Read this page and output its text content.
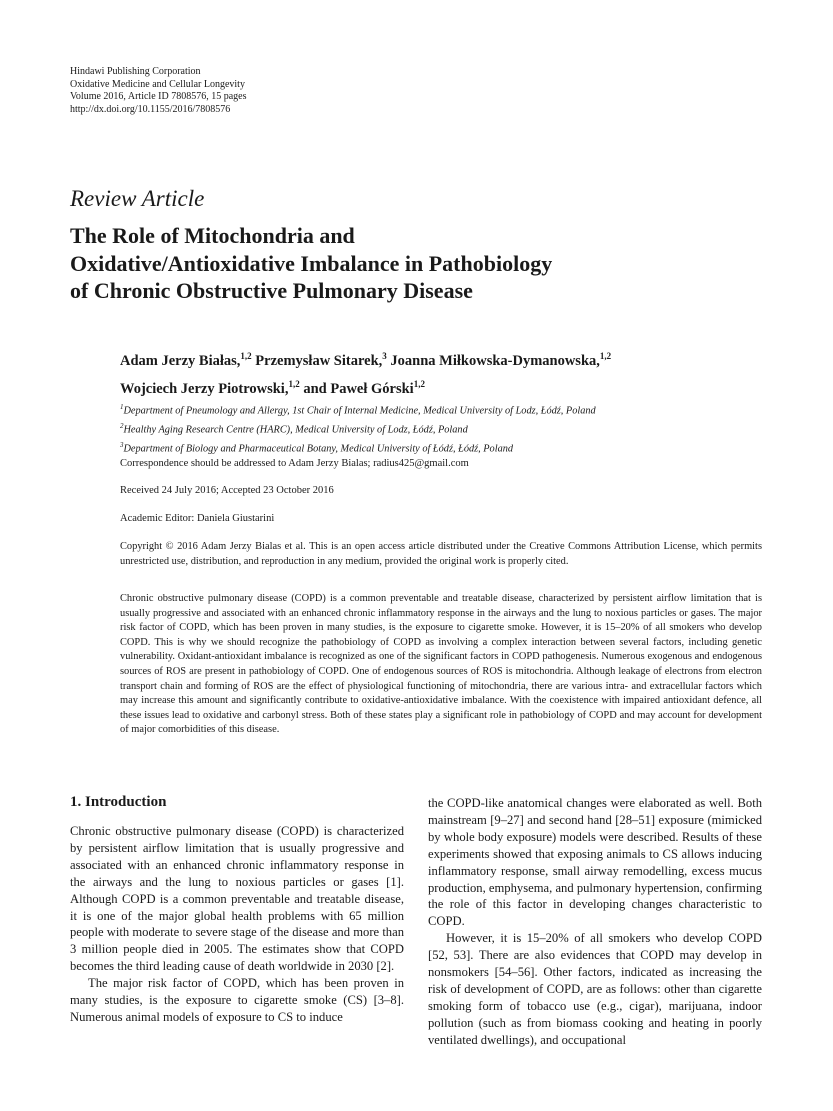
Hindawi Publishing Corporation
Oxidative Medicine and Cellular Longevity
Volume 2016, Article ID 7808576, 15 pages
http://dx.doi.org/10.1155/2016/7808576
Review Article
The Role of Mitochondria and
Oxidative/Antioxidative Imbalance in Pathobiology
of Chronic Obstructive Pulmonary Disease
Adam Jerzy Białas,$^{1,2}$ Przemysław Sitarek,$^3$ Joanna Miłkowska-Dymanowska,$^{1,2}$
Wojciech Jerzy Piotrowski,$^{1,2}$ and Paweł Górski$^{1,2}$
$^1$Department of Pneumology and Allergy, 1st Chair of Internal Medicine, Medical University of Lodz, Łódź, Poland
$^2$Healthy Aging Research Centre (HARC), Medical University of Lodz, Łódź, Poland
$^3$Department of Biology and Pharmaceutical Botany, Medical University of Łódź, Łódź, Poland
Correspondence should be addressed to Adam Jerzy Bialas; radius425@gmail.com
Received 24 July 2016; Accepted 23 October 2016
Academic Editor: Daniela Giustarini
Copyright © 2016 Adam Jerzy Bialas et al. This is an open access article distributed under the Creative Commons Attribution License, which permits unrestricted use, distribution, and reproduction in any medium, provided the original work is properly cited.
Chronic obstructive pulmonary disease (COPD) is a common preventable and treatable disease, characterized by persistent airflow limitation that is usually progressive and associated with an enhanced chronic inflammatory response in the airways and the lung to noxious particles or gases. The major risk factor of COPD, which has been proven in many studies, is the exposure to cigarette smoke. However, it is 15–20% of all smokers who develop COPD. This is why we should recognize the pathobiology of COPD as involving a complex interaction between several factors, including genetic vulnerability. Oxidant-antioxidant imbalance is recognized as one of the significant factors in COPD pathogenesis. Numerous exogenous and endogenous sources of ROS are present in pathobiology of COPD. One of endogenous sources of ROS is mitochondria. Although leakage of electrons from electron transport chain and forming of ROS are the effect of physiological functioning of mitochondria, there are various intra- and extracellular factors which may increase this amount and significantly contribute to oxidative-antioxidative imbalance. With the coexistence with impaired antioxidant defence, all these issues lead to oxidative and carbonyl stress. Both of these states play a significant role in pathobiology of COPD and may account for development of major comorbidities of this disease.
1. Introduction

Chronic obstructive pulmonary disease (COPD) is characterized by persistent airflow limitation that is usually progressive and associated with an enhanced chronic inflammatory response in the airways and the lung to noxious particles or gases [1]. Although COPD is a common preventable and treatable disease, it is one of the major global health problems with 65 million people with moderate to severe stage of the disease and more than 3 million people died in 2005. The estimates show that COPD becomes the third leading cause of death worldwide in 2030 [2].

The major risk factor of COPD, which has been proven in many studies, is the exposure to cigarette smoke (CS) [3–8]. Numerous animal models of exposure to CS to induce

the COPD-like anatomical changes were elaborated as well. Both mainstream [9–27] and second hand [28–51] exposure (mimicked by whole body exposure) models were described. Results of these experiments showed that exposing animals to CS allows inducing inflammatory response, small airway remodelling, excess mucus production, emphysema, and pulmonary hypertension, confirming the role of this factor in developing changes characteristic to COPD.

However, it is 15–20% of all smokers who develop COPD [52, 53]. There are also evidences that COPD may develop in nonsmokers [54–56]. Other factors, indicated as increasing the risk of development of COPD, are as follows: other than cigarette smoking form of tobacco use (e.g., cigar), marijuana, indoor pollution (such as from biomass cooking and heating in poorly ventilated dwellings), and occupational
